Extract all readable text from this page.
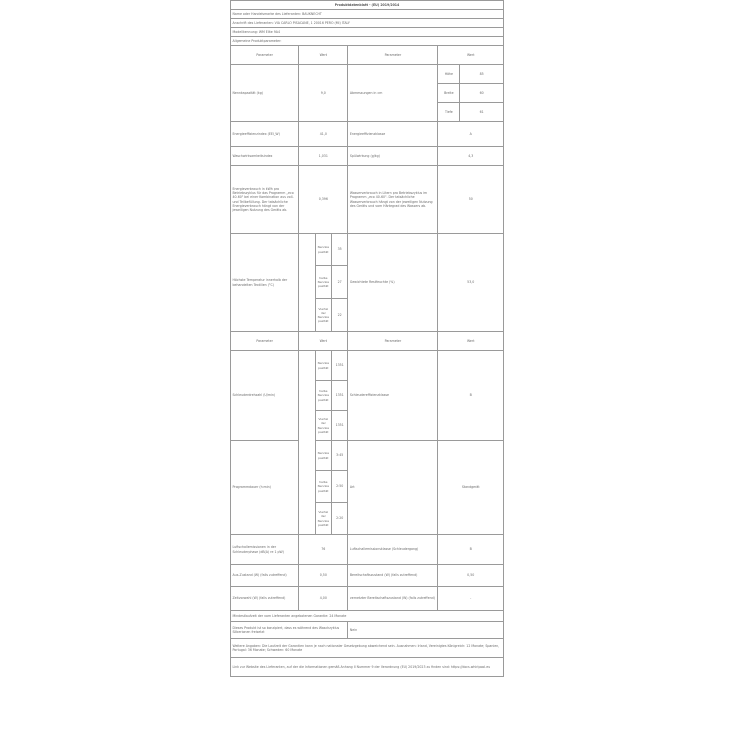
Produktdatenblatt - (EU) 2019/2014						
Name oder Handelsmarke des Lieferanten: BAUKNECHT						
Anschrift des Lieferanten: VIA CARLO PISACANE, 1 20016 PERO (MI) ITALY						
Modellkennung: WM Elite 9A4						
Allgemeine Produktparameter:						
Parameter	Wert			Parameter	Wert	
Nennkapazität (kg)	9,0			Abmessungen in cm	Höhe	85
					Breite	60
					Tiefe	61
Energieeffizienzindex (EEI_W)	41,0			Energieeffizienzklasse	A	
Waschwirksamkeitsindex	1,031			Spülwirkung (g/kg)	4,3	
Energieverbrauch in kWh pro Betriebszyklus für das Programm „eco 40-60" bei einer Kombination aus voll- und Teilbefüllung. Der tatsächliche Energieverbrauch hängt von der jeweiligen Nutzung des Geräts ab.	0,396			Wasserverbrauch in Litern pro Betriebszyklus im Programm „eco 40-60". Der tatsächliche Wasserverbrauch hängt von der jeweiligen Nutzung des Geräts und vom Härtegrad des Wassers ab.	50	
Höchste Temperatur innerhalb der behandelten Textilien (°C)		Nennkapazität	35	Gewichtete Restfeuchte (%)	53,0	
		halbe Nennkapazität	27			
		Viertel der Nennkapazität	22			
Parameter	Wert			Parameter	Wert	
Schleuderdrehzahl (U/min)		Nennkapazität	1351	Schleudereffizienzklasse	B	
		halbe Nennkapazität	1351			
		Viertel der Nennkapazität	1351			
Programmdauer (h:min)		Nennkapazität	3:45	Art	Standgerät	
		halbe Nennkapazität	2:50			
		Viertel der Nennkapazität	2:20			
Luftschallemissionen in der Schleuderphase (dB(A) re 1 pW)	76			Luftschallemissionsklasse (Schleudergang)	B	
Aus-Zustand (W) (falls zutreffend)	0,50			Bereitschaftszustand (W) (falls zutreffend)	0,50	
Zeitvorwahl (W) (falls zutreffend)	4,00			vernetzter Bereitschaftszustand (W) (falls zutreffend)	-	
Mindestlaufzeit der vom Lieferanten angebotenen Garantie: 24 Monate						
Dieses Produkt ist so konzipiert, dass es während des Waschzyklus Silberionen freisetzt				Nein		
Weitere Angaben: Die Laufzeit der Garantien kann je nach nationaler Gesetzgebung abweichend sein. Ausnahmen: Irland, Vereinigtes Königreich: 12 Monate; Spanien, Portugal: 36 Monate; Schweden: 60 Monate						
Link zur Website des Lieferanten, auf der die Informationen gemäß Anhang II Nummer 9 der Verordnung (EU) 2019/2023 zu finden sind: https://docs.whirlpool.eu						
